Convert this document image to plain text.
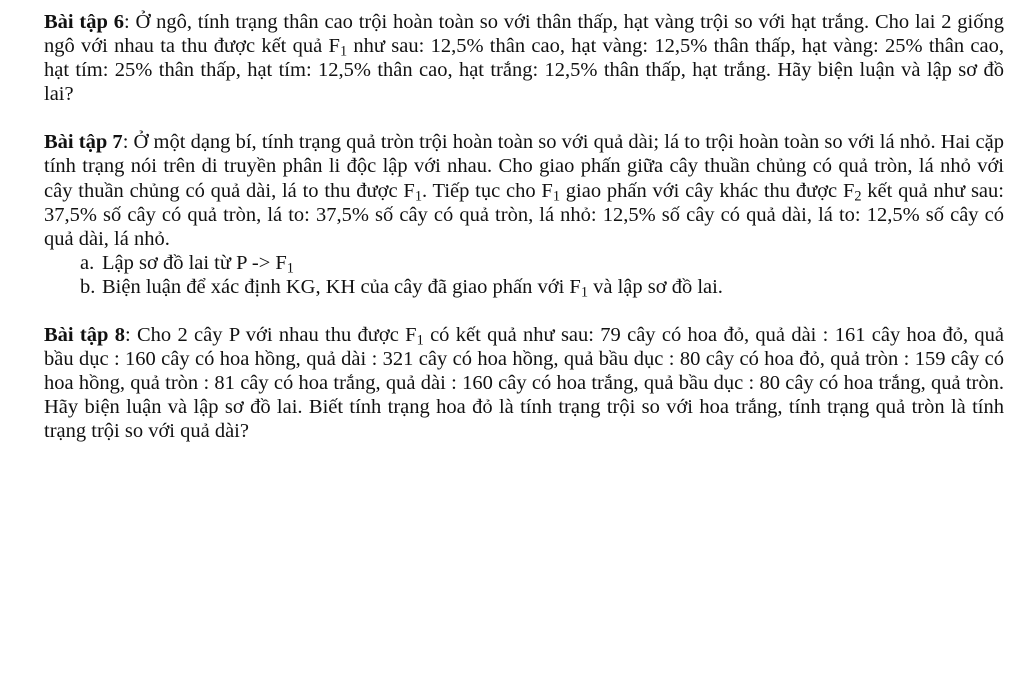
Bài tập 6: Ở ngô, tính trạng thân cao trội hoàn toàn so với thân thấp, hạt vàng trội so với hạt trắng. Cho lai 2 giống ngô với nhau ta thu được kết quả $F_1$ như sau: 12,5% thân cao, hạt vàng: 12,5% thân thấp, hạt vàng: 25% thân cao, hạt tím: 25% thân thấp, hạt tím: 12,5% thân cao, hạt trắng: 12,5% thân thấp, hạt trắng. Hãy biện luận và lập sơ đồ lai?

Bài tập 7: Ở một dạng bí, tính trạng quả tròn trội hoàn toàn so với quả dài; lá to trội hoàn toàn so với lá nhỏ. Hai cặp tính trạng nói trên di truyền phân li độc lập với nhau. Cho giao phấn giữa cây thuần chủng có quả tròn, lá nhỏ với cây thuần chủng có quả dài, lá to thu được $F_1$. Tiếp tục cho $F_1$ giao phấn với cây khác thu được $F_2$ kết quả như sau: 37,5% số cây có quả tròn, lá to: 37,5% số cây có quả tròn, lá nhỏ: 12,5% số cây có quả dài, lá to: 12,5% số cây có quả dài, lá nhỏ.
a. Lập sơ đồ lai từ $P -> F_1$
b. Biện luận để xác định KG, KH của cây đã giao phấn với $F_1$ và lập sơ đồ lai.

Bài tập 8: Cho 2 cây P với nhau thu được $F_1$ có kết quả như sau: 79 cây có hoa đỏ, quả dài : 161 cây hoa đỏ, quả bầu dục : 160 cây có hoa hồng, quả dài : 321 cây có hoa hồng, quả bầu dục : 80 cây có hoa đỏ, quả tròn : 159 cây có hoa hồng, quả tròn : 81 cây có hoa trắng, quả dài : 160 cây có hoa trắng, quả bầu dục : 80 cây có hoa trắng, quả tròn. Hãy biện luận và lập sơ đồ lai. Biết tính trạng hoa đỏ là tính trạng trội so với hoa trắng, tính trạng quả tròn là tính trạng trội so với quả dài?
